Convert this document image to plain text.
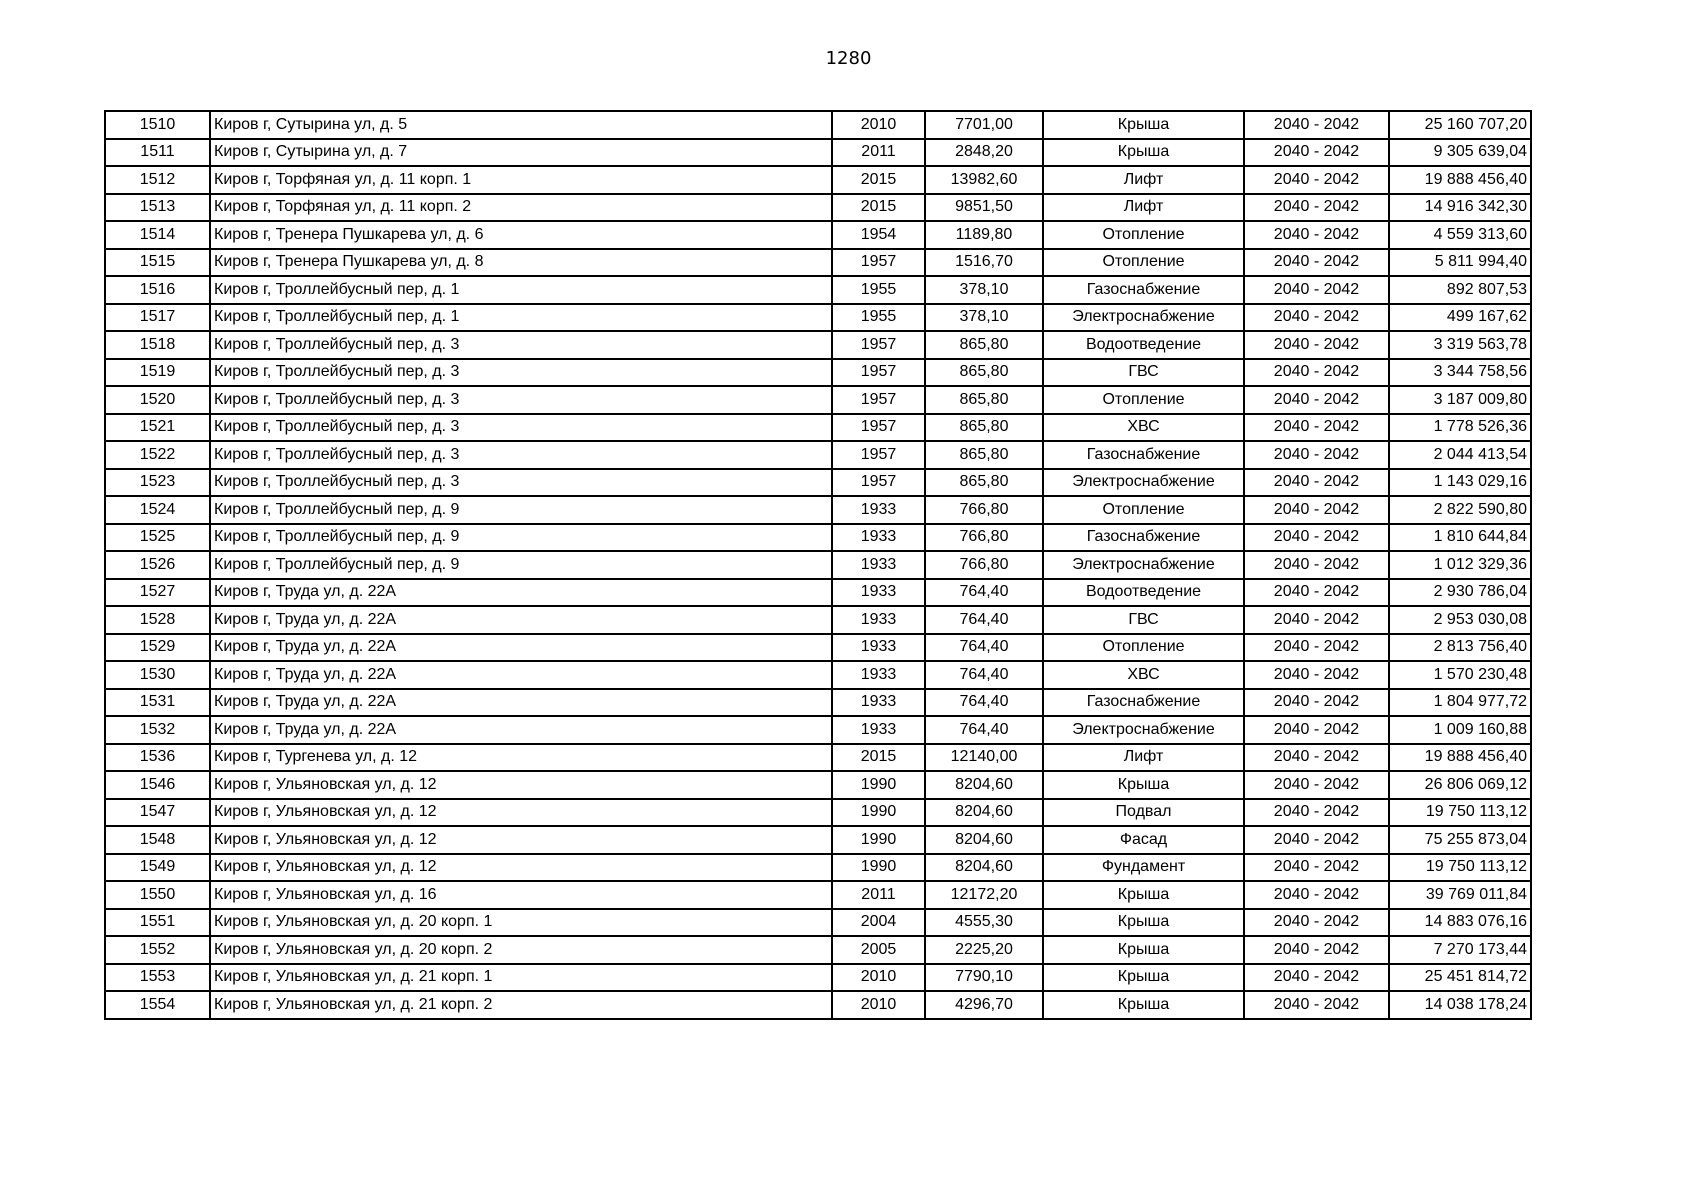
1280
1510	Киров г, Сутырина ул, д. 5	2010	7701,00	Крыша	2040 - 2042	25 160 707,20
1511	Киров г, Сутырина ул, д. 7	2011	2848,20	Крыша	2040 - 2042	9 305 639,04
1512	Киров г, Торфяная ул, д. 11 корп. 1	2015	13982,60	Лифт	2040 - 2042	19 888 456,40
1513	Киров г, Торфяная ул, д. 11 корп. 2	2015	9851,50	Лифт	2040 - 2042	14 916 342,30
1514	Киров г, Тренера Пушкарева ул, д. 6	1954	1189,80	Отопление	2040 - 2042	4 559 313,60
1515	Киров г, Тренера Пушкарева ул, д. 8	1957	1516,70	Отопление	2040 - 2042	5 811 994,40
1516	Киров г, Троллейбусный пер, д. 1	1955	378,10	Газоснабжение	2040 - 2042	892 807,53
1517	Киров г, Троллейбусный пер, д. 1	1955	378,10	Электроснабжение	2040 - 2042	499 167,62
1518	Киров г, Троллейбусный пер, д. 3	1957	865,80	Водоотведение	2040 - 2042	3 319 563,78
1519	Киров г, Троллейбусный пер, д. 3	1957	865,80	ГВС	2040 - 2042	3 344 758,56
1520	Киров г, Троллейбусный пер, д. 3	1957	865,80	Отопление	2040 - 2042	3 187 009,80
1521	Киров г, Троллейбусный пер, д. 3	1957	865,80	ХВС	2040 - 2042	1 778 526,36
1522	Киров г, Троллейбусный пер, д. 3	1957	865,80	Газоснабжение	2040 - 2042	2 044 413,54
1523	Киров г, Троллейбусный пер, д. 3	1957	865,80	Электроснабжение	2040 - 2042	1 143 029,16
1524	Киров г, Троллейбусный пер, д. 9	1933	766,80	Отопление	2040 - 2042	2 822 590,80
1525	Киров г, Троллейбусный пер, д. 9	1933	766,80	Газоснабжение	2040 - 2042	1 810 644,84
1526	Киров г, Троллейбусный пер, д. 9	1933	766,80	Электроснабжение	2040 - 2042	1 012 329,36
1527	Киров г, Труда ул, д. 22А	1933	764,40	Водоотведение	2040 - 2042	2 930 786,04
1528	Киров г, Труда ул, д. 22А	1933	764,40	ГВС	2040 - 2042	2 953 030,08
1529	Киров г, Труда ул, д. 22А	1933	764,40	Отопление	2040 - 2042	2 813 756,40
1530	Киров г, Труда ул, д. 22А	1933	764,40	ХВС	2040 - 2042	1 570 230,48
1531	Киров г, Труда ул, д. 22А	1933	764,40	Газоснабжение	2040 - 2042	1 804 977,72
1532	Киров г, Труда ул, д. 22А	1933	764,40	Электроснабжение	2040 - 2042	1 009 160,88
1536	Киров г, Тургенева ул, д. 12	2015	12140,00	Лифт	2040 - 2042	19 888 456,40
1546	Киров г, Ульяновская ул, д. 12	1990	8204,60	Крыша	2040 - 2042	26 806 069,12
1547	Киров г, Ульяновская ул, д. 12	1990	8204,60	Подвал	2040 - 2042	19 750 113,12
1548	Киров г, Ульяновская ул, д. 12	1990	8204,60	Фасад	2040 - 2042	75 255 873,04
1549	Киров г, Ульяновская ул, д. 12	1990	8204,60	Фундамент	2040 - 2042	19 750 113,12
1550	Киров г, Ульяновская ул, д. 16	2011	12172,20	Крыша	2040 - 2042	39 769 011,84
1551	Киров г, Ульяновская ул, д. 20 корп. 1	2004	4555,30	Крыша	2040 - 2042	14 883 076,16
1552	Киров г, Ульяновская ул, д. 20 корп. 2	2005	2225,20	Крыша	2040 - 2042	7 270 173,44
1553	Киров г, Ульяновская ул, д. 21 корп. 1	2010	7790,10	Крыша	2040 - 2042	25 451 814,72
1554	Киров г, Ульяновская ул, д. 21 корп. 2	2010	4296,70	Крыша	2040 - 2042	14 038 178,24
